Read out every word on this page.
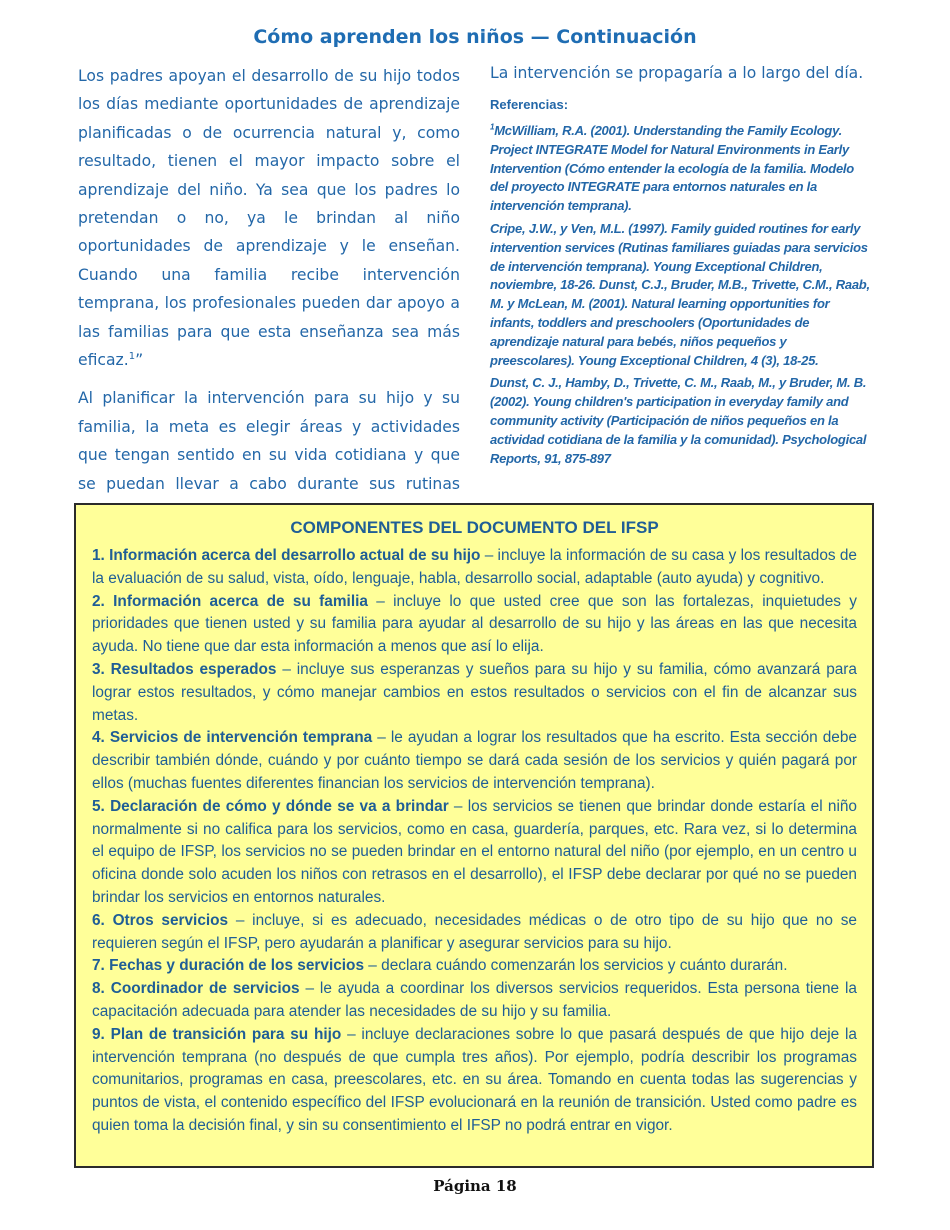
Cómo aprenden los niños — Continuación

Los padres apoyan el desarrollo de su hijo todos los días mediante oportunidades de aprendizaje planificadas o de ocurrencia natural y, como resultado, tienen el mayor impacto sobre el aprendizaje del niño. Ya sea que los padres lo pretendan o no, ya le brindan al niño oportunidades de aprendizaje y le enseñan. Cuando una familia recibe intervención temprana, los profesionales pueden dar apoyo a las familias para que esta enseñanza sea más eficaz.$^1$”

Al planificar la intervención para su hijo y su familia, la meta es elegir áreas y actividades que tengan sentido en su vida cotidiana y que se puedan llevar a cabo durante sus rutinas

La intervención se propagaría a lo largo del día.

Referencias:

$^1$McWilliam, R.A. (2001). Understanding the Family Ecology. Project INTEGRATE Model for Natural Environments in Early Intervention (Cómo entender la ecología de la familia. Modelo del proyecto INTEGRATE para entornos naturales en la intervención temprana).

Cripe, J.W., y Ven, M.L. (1997). Family guided routines for early intervention services (Rutinas familiares guiadas para servicios de intervención temprana). Young Exceptional Children, noviembre, 18-26. Dunst, C.J., Bruder, M.B., Trivette, C.M., Raab, M. y McLean, M. (2001). Natural learning opportunities for infants, toddlers and preschoolers (Oportunidades de aprendizaje natural para bebés, niños pequeños y preescolares). Young Exceptional Children, 4 (3), 18-25.

Dunst, C. J., Hamby, D., Trivette, C. M., Raab, M., y Bruder, M. B. (2002). Young children's participation in everyday family and community activity (Participación de niños pequeños en la actividad cotidiana de la familia y la comunidad). Psychological Reports, 91, 875-897

COMPONENTES DEL DOCUMENTO DEL IFSP

1. Información acerca del desarrollo actual de su hijo – incluye la información de su casa y los resultados de la evaluación de su salud, vista, oído, lenguaje, habla, desarrollo social, adaptable (auto ayuda) y cognitivo.

2. Información acerca de su familia – incluye lo que usted cree que son las fortalezas, inquietudes y prioridades que tienen usted y su familia para ayudar al desarrollo de su hijo y las áreas en las que necesita ayuda. No tiene que dar esta información a menos que así lo elija.

3. Resultados esperados – incluye sus esperanzas y sueños para su hijo y su familia, cómo avanzará para lograr estos resultados, y cómo manejar cambios en estos resultados o servicios con el fin de alcanzar sus metas.

4. Servicios de intervención temprana – le ayudan a lograr los resultados que ha escrito. Esta sección debe describir también dónde, cuándo y por cuánto tiempo se dará cada sesión de los servicios y quién pagará por ellos (muchas fuentes diferentes financian los servicios de intervención temprana).

5. Declaración de cómo y dónde se va a brindar – los servicios se tienen que brindar donde estaría el niño normalmente si no califica para los servicios, como en casa, guardería, parques, etc. Rara vez, si lo determina el equipo de IFSP, los servicios no se pueden brindar en el entorno natural del niño (por ejemplo, en un centro u oficina donde solo acuden los niños con retrasos en el desarrollo), el IFSP debe declarar por qué no se pueden brindar los servicios en entornos naturales.

6. Otros servicios – incluye, si es adecuado, necesidades médicas o de otro tipo de su hijo que no se requieren según el IFSP, pero ayudarán a planificar y asegurar servicios para su hijo.

7. Fechas y duración de los servicios – declara cuándo comenzarán los servicios y cuánto durarán.

8. Coordinador de servicios – le ayuda a coordinar los diversos servicios requeridos. Esta persona tiene la capacitación adecuada para atender las necesidades de su hijo y su familia.

9. Plan de transición para su hijo – incluye declaraciones sobre lo que pasará después de que hijo deje la intervención temprana (no después de que cumpla tres años). Por ejemplo, podría describir los programas comunitarios, programas en casa, preescolares, etc. en su área. Tomando en cuenta todas las sugerencias y puntos de vista, el contenido específico del IFSP evolucionará en la reunión de transición. Usted como padre es quien toma la decisión final, y sin su consentimiento el IFSP no podrá entrar en vigor.

Página 18
